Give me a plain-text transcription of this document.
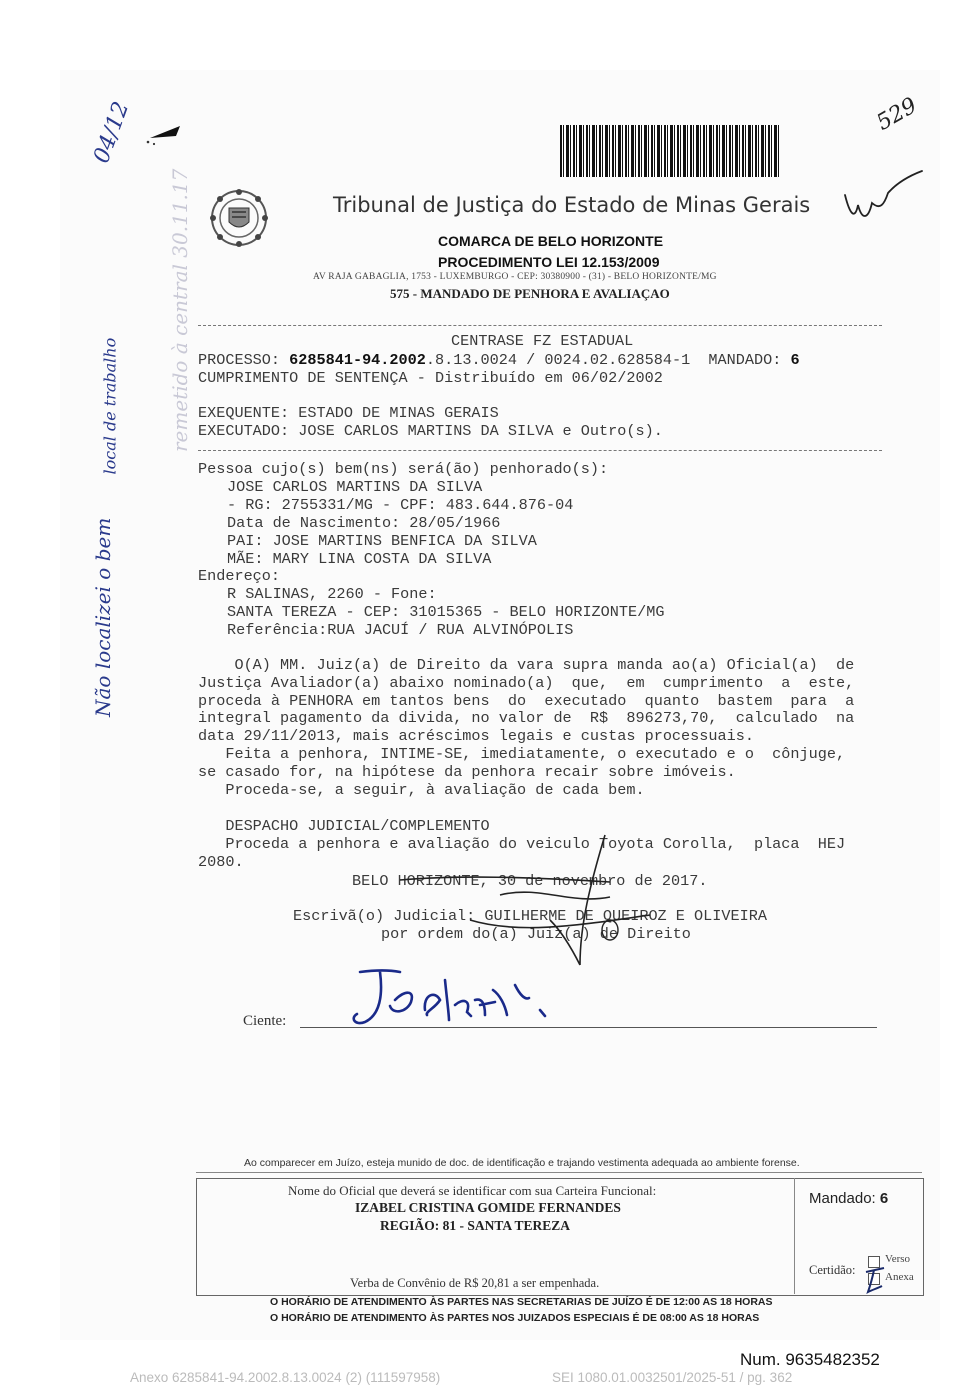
Tribunal de Justiça do Estado de Minas Gerais
COMARCA DE BELO HORIZONTE
PROCEDIMENTO LEI 12.153/2009
AV RAJA GABAGLIA, 1753 - LUXEMBURGO - CEP: 30380900 - (31) - BELO HORIZONTE/MG
575 - MANDADO DE PENHORA E AVALIAÇAO
CENTRASE FZ ESTADUAL
PROCESSO: 6285841-94.2002.8.13.0024 / 0024.02.628584-1 MANDADO: 6
CUMPRIMENTO DE SENTENÇA - Distribuído em 06/02/2002
EXEQUENTE: ESTADO DE MINAS GERAIS
EXECUTADO: JOSE CARLOS MARTINS DA SILVA e Outro(s).
Pessoa cujo(s) bem(ns) será(ão) penhorado(s):
JOSE CARLOS MARTINS DA SILVA
- RG: 2755331/MG - CPF: 483.644.876-04
Data de Nascimento: 28/05/1966
PAI: JOSE MARTINS BENFICA DA SILVA
MÃE: MARY LINA COSTA DA SILVA
Endereço:
R SALINAS, 2260 - Fone:
SANTA TEREZA - CEP: 31015365 - BELO HORIZONTE/MG
Referência:RUA JACUÍ / RUA ALVINÓPOLIS
O(A) MM. Juiz(a) de Direito da vara supra manda ao(a) Oficial(a)  de
Justiça Avaliador(a) abaixo nominado(a)  que,  em  cumprimento  a  este,
proceda à PENHORA em tantos bens  do  executado  quanto  bastem  para  a
integral pagamento da divida, no valor de  R$  896273,70,  calculado  na
data 29/11/2013, mais acréscimos legais e custas processuais.
Feita a penhora, INTIME-SE, imediatamente, o executado e o  cônjuge,
se casado for, na hipótese da penhora recair sobre imóveis.
Proceda-se, a seguir, à avaliação de cada bem.
DESPACHO JUDICIAL/COMPLEMENTO
Proceda a penhora e avaliação do veiculo Toyota Corolla,  placa  HEJ
2080.
BELO HORIZONTE, 30 de novembro de 2017.
Escrivã(o) Judicial: GUILHERME DE QUEIROZ E OLIVEIRA
por ordem do(a) Juiz(a) de Direito
Ciente:
Ao comparecer em Juízo, esteja munido de doc. de identificação e trajando vestimenta adequada ao ambiente forense.
Nome do Oficial que deverá se identificar com sua Carteira Funcional:
IZABEL CRISTINA GOMIDE FERNANDES
REGIÃO: 81 - SANTA TEREZA
Verba de Convênio de R$ 20,81 a ser empenhada.
Mandado: 6
Certidão:
Verso
Anexa
O HORÁRIO DE ATENDIMENTO ÀS PARTES NAS SECRETARIAS DE JUÍZO É DE 12:00 AS 18 HORAS
O HORÁRIO DE ATENDIMENTO ÀS PARTES NOS JUIZADOS ESPECIAIS É DE 08:00 AS 18 HORAS
Não localizei o bem
local de trabalho remetido à central 30.11.17
04/12	529
Num. 9635482352
Anexo 6285841-94.2002.8.13.0024 (2) (111597958)	SEI 1080.01.0032501/2025-51 / pg. 362
